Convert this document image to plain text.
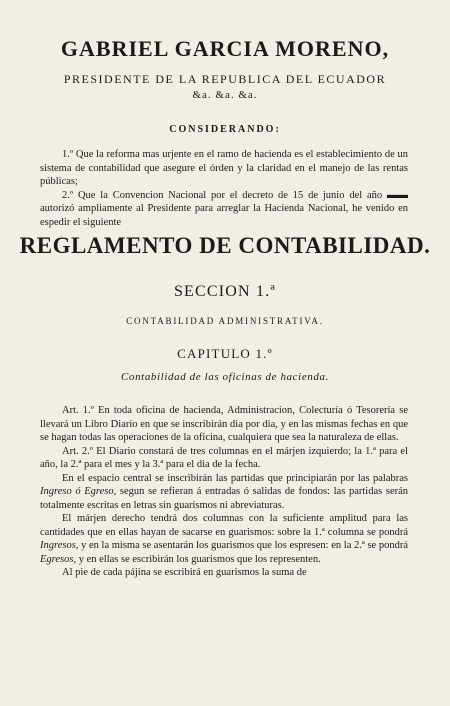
GABRIEL GARCIA MORENO,
PRESIDENTE DE LA REPUBLICA DEL ECUADOR
&a. &a. &a.
CONSIDERANDO:

1.º Que la reforma mas urjente en el ramo de hacienda es el establecimiento de un sistema de contabilidad que asegure el órden y la claridad en el manejo de las rentas públicas;

2.º Que la Convencion Nacional por el decreto de 15 de junio del año ▬▬ autorizó ampliamente al Presidente para arreglar la Hacienda Nacional, he venido en espedir el siguiente

REGLAMENTO DE CONTABILIDAD.
SECCION 1.ª
CONTABILIDAD ADMINISTRATIVA.
CAPITULO 1.º
Contabilidad de las oficinas de hacienda.

Art. 1.º En toda oficina de hacienda, Administracion, Colecturía ó Tesorería se llevará un Libro Diario en que se inscribirán dia por dia, y en las mismas fechas en que se hagan todas las operaciones de la oficina, cualquiera que sea la naturaleza de ellas.

Art. 2.º El Diario constará de tres columnas en el márjen izquierdo; la 1.ª para el año, la 2.ª para el mes y la 3.ª para el dia de la fecha.

En el espacio central se inscribirán las partidas que principiarán por las palabras Ingreso ó Egreso, segun se refieran á entradas ó salidas de fondos: las partidas serán totalmente escritas en letras sin guarismos ni abreviaturas.

El márjen derecho tendrá dos columnas con la suficiente amplitud para las cantidades que en ellas hayan de sacarse en guarismos: sobre la 1.ª columna se pondrá Ingresos, y en la misma se asentarán los guarismos que los espresen: en la 2.ª se pondrá Egresos, y en ellas se escribirán los guarismos que los representen.

Al pie de cada pájina se escribirá en guarismos la suma de
